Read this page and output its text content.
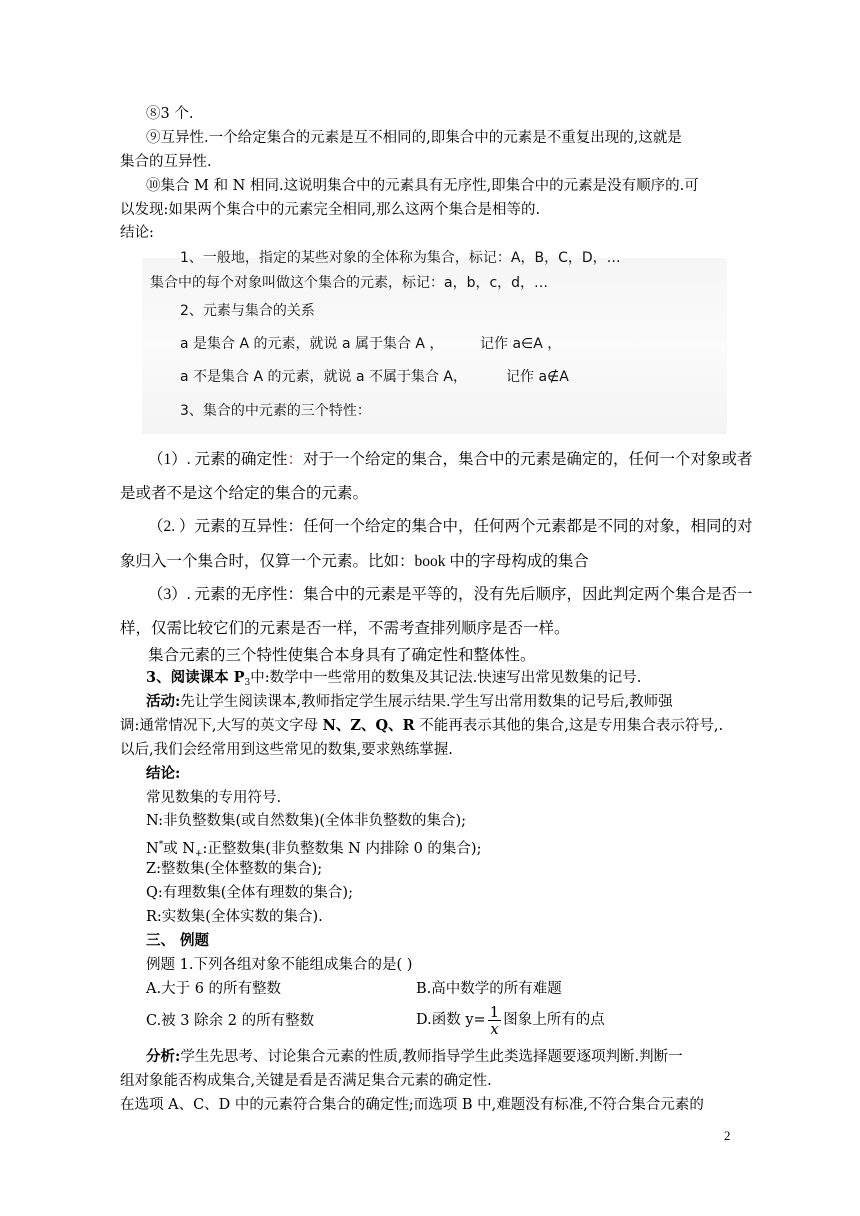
⑧3 个.
⑨互异性.一个给定集合的元素是互不相同的,即集合中的元素是不重复出现的,这就是
集合的互异性.
⑩集合 M 和 N 相同.这说明集合中的元素具有无序性,即集合中的元素是没有顺序的.可
以发现:如果两个集合中的元素完全相同,那么这两个集合是相等的.
结论:
1、一般地，指定的某些对象的全体称为集合，标记：A，B，C，D，…
集合中的每个对象叫做这个集合的元素，标记：a，b，c，d，…
2、元素与集合的关系
a 是集合 A 的元素，就说 a 属于集合 A ，	记作 a∈A ，
a 不是集合 A 的元素，就说 a 不属于集合 A，	记作 a∉A
3、集合的中元素的三个特性：
（1）. 元素的确定性：对于一个给定的集合，集合中的元素是确定的，任何一个对象或者
是或者不是这个给定的集合的元素。
（2. ）元素的互异性：任何一个给定的集合中，任何两个元素都是不同的对象，相同的对
象归入一个集合时，仅算一个元素。比如：book 中的字母构成的集合
（3）. 元素的无序性：集合中的元素是平等的，没有先后顺序，因此判定两个集合是否一
样，仅需比较它们的元素是否一样，不需考查排列顺序是否一样。
集合元素的三个特性使集合本身具有了确定性和整体性。
3、阅读课本 $P_3$中:数学中一些常用的数集及其记法.快速写出常见数集的记号.
活动:先让学生阅读课本,教师指定学生展示结果.学生写出常用数集的记号后,教师强
调:通常情况下,大写的英文字母 N、Z、Q、R 不能再表示其他的集合,这是专用集合表示符号,.
以后,我们会经常用到这些常见的数集,要求熟练掌握.
结论:
常见数集的专用符号.
N:非负整数集(或自然数集)(全体非负整数的集合);
N*或 $N_+$:正整数集(非负整数集 N 内排除 0 的集合);
Z:整数集(全体整数的集合);
Q:有理数集(全体有理数的集合);
R:实数集(全体实数的集合).
三、 例题
例题 1.下列各组对象不能组成集合的是( )
A.大于 6 的所有整数	B.高中数学的所有难题
C.被 3 除余 2 的所有整数	D.函数 $y= \frac{1}{x}$ 图象上所有的点
分析:学生先思考、讨论集合元素的性质,教师指导学生此类选择题要逐项判断.判断一
组对象能否构成集合,关键是看是否满足集合元素的确定性.
在选项 A、C、D 中的元素符合集合的确定性;而选项 B 中,难题没有标准,不符合集合元素的
2
